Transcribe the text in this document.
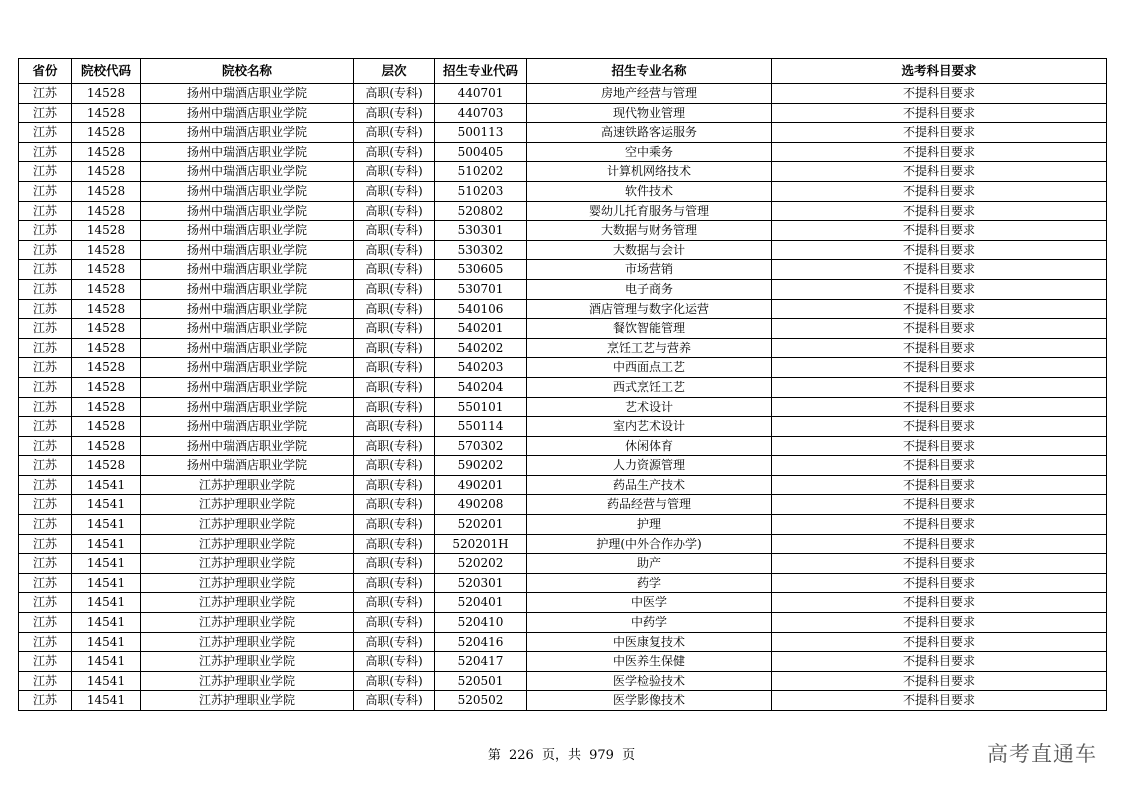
省份	院校代码	院校名称	层次	招生专业代码	招生专业名称	选考科目要求
江苏	14528	扬州中瑞酒店职业学院	高职(专科)	440701	房地产经营与管理	不提科目要求
江苏	14528	扬州中瑞酒店职业学院	高职(专科)	440703	现代物业管理	不提科目要求
江苏	14528	扬州中瑞酒店职业学院	高职(专科)	500113	高速铁路客运服务	不提科目要求
江苏	14528	扬州中瑞酒店职业学院	高职(专科)	500405	空中乘务	不提科目要求
江苏	14528	扬州中瑞酒店职业学院	高职(专科)	510202	计算机网络技术	不提科目要求
江苏	14528	扬州中瑞酒店职业学院	高职(专科)	510203	软件技术	不提科目要求
江苏	14528	扬州中瑞酒店职业学院	高职(专科)	520802	婴幼儿托育服务与管理	不提科目要求
江苏	14528	扬州中瑞酒店职业学院	高职(专科)	530301	大数据与财务管理	不提科目要求
江苏	14528	扬州中瑞酒店职业学院	高职(专科)	530302	大数据与会计	不提科目要求
江苏	14528	扬州中瑞酒店职业学院	高职(专科)	530605	市场营销	不提科目要求
江苏	14528	扬州中瑞酒店职业学院	高职(专科)	530701	电子商务	不提科目要求
江苏	14528	扬州中瑞酒店职业学院	高职(专科)	540106	酒店管理与数字化运营	不提科目要求
江苏	14528	扬州中瑞酒店职业学院	高职(专科)	540201	餐饮智能管理	不提科目要求
江苏	14528	扬州中瑞酒店职业学院	高职(专科)	540202	烹饪工艺与营养	不提科目要求
江苏	14528	扬州中瑞酒店职业学院	高职(专科)	540203	中西面点工艺	不提科目要求
江苏	14528	扬州中瑞酒店职业学院	高职(专科)	540204	西式烹饪工艺	不提科目要求
江苏	14528	扬州中瑞酒店职业学院	高职(专科)	550101	艺术设计	不提科目要求
江苏	14528	扬州中瑞酒店职业学院	高职(专科)	550114	室内艺术设计	不提科目要求
江苏	14528	扬州中瑞酒店职业学院	高职(专科)	570302	休闲体育	不提科目要求
江苏	14528	扬州中瑞酒店职业学院	高职(专科)	590202	人力资源管理	不提科目要求
江苏	14541	江苏护理职业学院	高职(专科)	490201	药品生产技术	不提科目要求
江苏	14541	江苏护理职业学院	高职(专科)	490208	药品经营与管理	不提科目要求
江苏	14541	江苏护理职业学院	高职(专科)	520201	护理	不提科目要求
江苏	14541	江苏护理职业学院	高职(专科)	520201H	护理(中外合作办学)	不提科目要求
江苏	14541	江苏护理职业学院	高职(专科)	520202	助产	不提科目要求
江苏	14541	江苏护理职业学院	高职(专科)	520301	药学	不提科目要求
江苏	14541	江苏护理职业学院	高职(专科)	520401	中医学	不提科目要求
江苏	14541	江苏护理职业学院	高职(专科)	520410	中药学	不提科目要求
江苏	14541	江苏护理职业学院	高职(专科)	520416	中医康复技术	不提科目要求
江苏	14541	江苏护理职业学院	高职(专科)	520417	中医养生保健	不提科目要求
江苏	14541	江苏护理职业学院	高职(专科)	520501	医学检验技术	不提科目要求
江苏	14541	江苏护理职业学院	高职(专科)	520502	医学影像技术	不提科目要求
第 226 页，共 979 页	高考直通车
